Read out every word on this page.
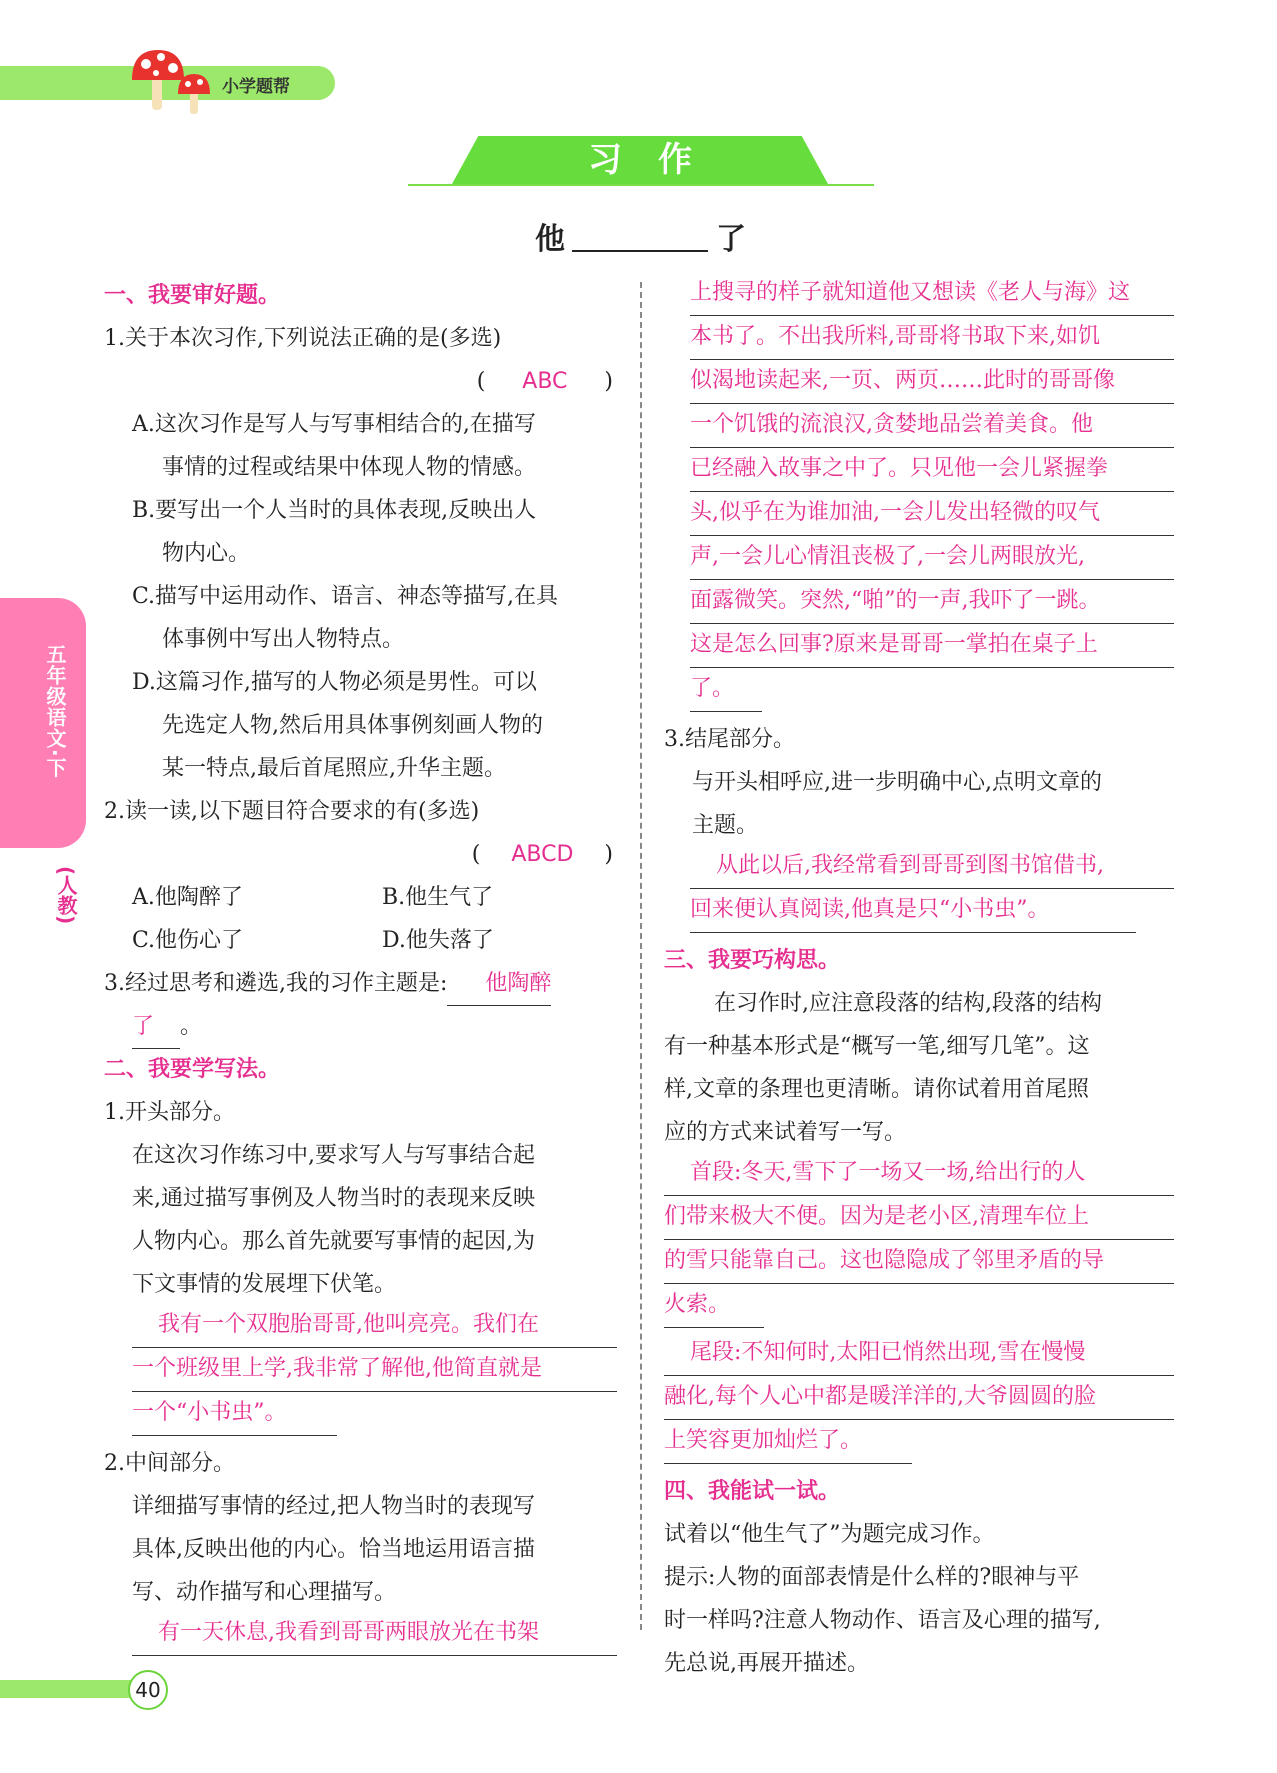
小学题帮
习作
他	了
五年级语文·下
(人教)
一、我要审好题。
1.关于本次习作,下列说法正确的是(多选)
( ABC )
A.这次习作是写人与写事相结合的,在描写
事情的过程或结果中体现人物的情感。
B.要写出一个人当时的具体表现,反映出人
物内心。
C.描写中运用动作、语言、神态等描写,在具
体事例中写出人物特点。
D.这篇习作,描写的人物必须是男性。可以
先选定人物,然后用具体事例刻画人物的
某一特点,最后首尾照应,升华主题。
2.读一读,以下题目符合要求的有(多选)
( ABCD )
A.他陶醉了	B.他生气了
C.他伤心了	D.他失落了
3.经过思考和遴选,我的习作主题是: 他陶醉
了 。
二、我要学写法。
1.开头部分。
在这次习作练习中,要求写人与写事结合起
来,通过描写事例及人物当时的表现来反映
人物内心。那么首先就要写事情的起因,为
下文事情的发展埋下伏笔。
我有一个双胞胎哥哥,他叫亮亮。我们在
一个班级里上学,我非常了解他,他简直就是
一个“小书虫”。
2.中间部分。
详细描写事情的经过,把人物当时的表现写
具体,反映出他的内心。恰当地运用语言描
写、动作描写和心理描写。
有一天休息,我看到哥哥两眼放光在书架
上搜寻的样子就知道他又想读《老人与海》这
本书了。不出我所料,哥哥将书取下来,如饥
似渴地读起来,一页、两页……此时的哥哥像
一个饥饿的流浪汉,贪婪地品尝着美食。他
已经融入故事之中了。只见他一会儿紧握拳
头,似乎在为谁加油,一会儿发出轻微的叹气
声,一会儿心情沮丧极了,一会儿两眼放光,
面露微笑。突然,“啪”的一声,我吓了一跳。
这是怎么回事?原来是哥哥一掌拍在桌子上
了。
3.结尾部分。
与开头相呼应,进一步明确中心,点明文章的
主题。
从此以后,我经常看到哥哥到图书馆借书,
回来便认真阅读,他真是只“小书虫”。
三、我要巧构思。
在习作时,应注意段落的结构,段落的结构
有一种基本形式是“概写一笔,细写几笔”。这
样,文章的条理也更清晰。请你试着用首尾照
应的方式来试着写一写。
首段:冬天,雪下了一场又一场,给出行的人
们带来极大不便。因为是老小区,清理车位上
的雪只能靠自己。这也隐隐成了邻里矛盾的导
火索。
尾段:不知何时,太阳已悄然出现,雪在慢慢
融化,每个人心中都是暖洋洋的,大爷圆圆的脸
上笑容更加灿烂了。
四、我能试一试。
试着以“他生气了”为题完成习作。
提示:人物的面部表情是什么样的?眼神与平
时一样吗?注意人物动作、语言及心理的描写,
先总说,再展开描述。
40
